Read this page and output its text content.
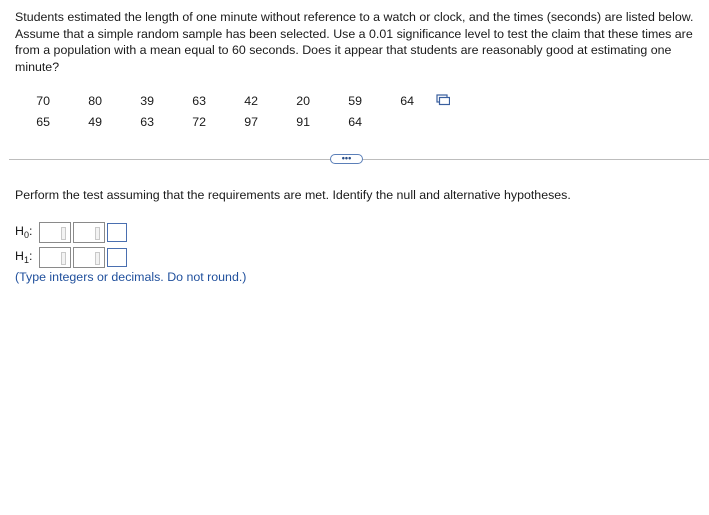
Students estimated the length of one minute without reference to a watch or clock, and the times (seconds) are listed below. Assume that a simple random sample has been selected. Use a 0.01 significance level to test the claim that these times are from a population with a mean equal to 60 seconds. Does it appear that students are reasonably good at estimating one minute?
70	80	39	63	42	20	59	64
65	49	63	72	97	91	64	
•••
Perform the test assuming that the requirements are met. Identify the null and alternative hypotheses.
$H_0$:
$H_1$:
(Type integers or decimals. Do not round.)
